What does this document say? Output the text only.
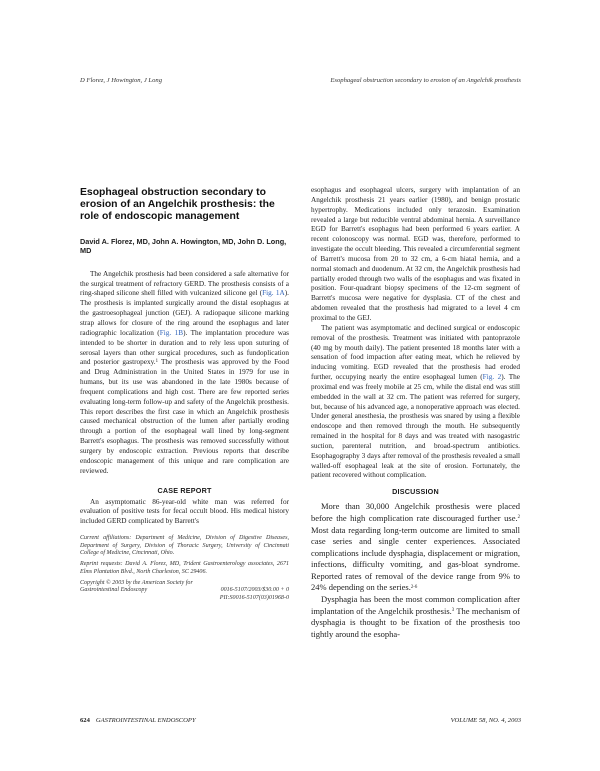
D Florez, J Howington, J Long	Esophageal obstruction secondary to erosion of an Angelchik prosthesis
Esophageal obstruction secondary to erosion of an Angelchik prosthesis: the role of endoscopic management
David A. Florez, MD, John A. Howington, MD, John D. Long, MD

The Angelchik prosthesis had been considered a safe alternative for the surgical treatment of refractory GERD. The prosthesis consists of a ring-shaped silicone shell filled with vulcanized silicone gel (Fig. 1A). The prosthesis is implanted surgically around the distal esophagus at the gastroesophageal junction (GEJ). A radiopaque silicone marking strap allows for closure of the ring around the esophagus and later radiographic localization (Fig. 1B). The implantation procedure was intended to be shorter in duration and to rely less upon suturing of serosal layers than other surgical procedures, such as fundoplication and posterior gastropexy.$^1$ The prosthesis was approved by the Food and Drug Administration in the United States in 1979 for use in humans, but its use was abandoned in the late 1980s because of frequent complications and high cost. There are few reported series evaluating long-term follow-up and safety of the Angelchik prosthesis. This report describes the first case in which an Angelchik prosthesis caused mechanical obstruction of the lumen after partially eroding through a portion of the esophageal wall lined by long-segment Barrett's esophagus. The prosthesis was removed successfully without surgery by endoscopic extraction. Previous reports that describe endoscopic management of this unique and rare complication are reviewed.

CASE REPORT

An asymptomatic 86-year-old white man was referred for evaluation of positive tests for fecal occult blood. His medical history included GERD complicated by Barrett's

Current affiliations: Department of Medicine, Division of Digestive Diseases, Department of Surgery, Division of Thoracic Surgery, University of Cincinnati College of Medicine, Cincinnati, Ohio.
Reprint requests: David A. Florez, MD, Trident Gastroenterology associates, 2671 Elms Plantation Blvd., North Charleston, SC 29406.
Copyright © 2003 by the American Society for Gastrointestinal Endoscopy	0016-5107/2003/$30.00 + 0
PII:S0016-5107(03)01968-0

esophagus and esophageal ulcers, surgery with implantation of an Angelchik prosthesis 21 years earlier (1980), and benign prostatic hypertrophy. Medications included only terazosin. Examination revealed a large but reducible ventral abdominal hernia. A surveillance EGD for Barrett's esophagus had been performed 6 years earlier. A recent colonoscopy was normal. EGD was, therefore, performed to investigate the occult bleeding. This revealed a circumferential segment of Barrett's mucosa from 20 to 32 cm, a 6-cm hiatal hernia, and a normal stomach and duodenum. At 32 cm, the Angelchik prosthesis had partially eroded through two walls of the esophagus and was fixated in position. Four-quadrant biopsy specimens of the 12-cm segment of Barrett's mucosa were negative for dysplasia. CT of the chest and abdomen revealed that the prosthesis had migrated to a level 4 cm proximal to the GEJ.

The patient was asymptomatic and declined surgical or endoscopic removal of the prosthesis. Treatment was initiated with pantoprazole (40 mg by mouth daily). The patient presented 18 months later with a sensation of food impaction after eating meat, which he relieved by inducing vomiting. EGD revealed that the prosthesis had eroded further, occupying nearly the entire esophageal lumen (Fig. 2). The proximal end was freely mobile at 25 cm, while the distal end was still embedded in the wall at 32 cm. The patient was referred for surgery, but, because of his advanced age, a nonoperative approach was elected. Under general anesthesia, the prosthesis was snared by using a flexible endoscope and then removed through the mouth. He subsequently remained in the hospital for 8 days and was treated with nasogastric suction, parenteral nutrition, and broad-spectrum antibiotics. Esophagography 3 days after removal of the prosthesis revealed a small walled-off esophageal leak at the site of erosion. Fortunately, the patient recovered without complication.

DISCUSSION

More than 30,000 Angelchik prosthesis were placed before the high complication rate discouraged further use.$^2$ Most data regarding long-term outcome are limited to small case series and single center experiences. Associated complications include dysphagia, displacement or migration, infections, difficulty vomiting, and gas-bloat syndrome. Reported rates of removal of the device range from 9% to 24% depending on the series.$^{2-6}$

Dysphagia has been the most common complication after implantation of the Angelchik prosthesis.$^3$ The mechanism of dysphagia is thought to be fixation of the prosthesis too tightly around the esopha-

624 GASTROINTESTINAL ENDOSCOPY	VOLUME 58, NO. 4, 2003
